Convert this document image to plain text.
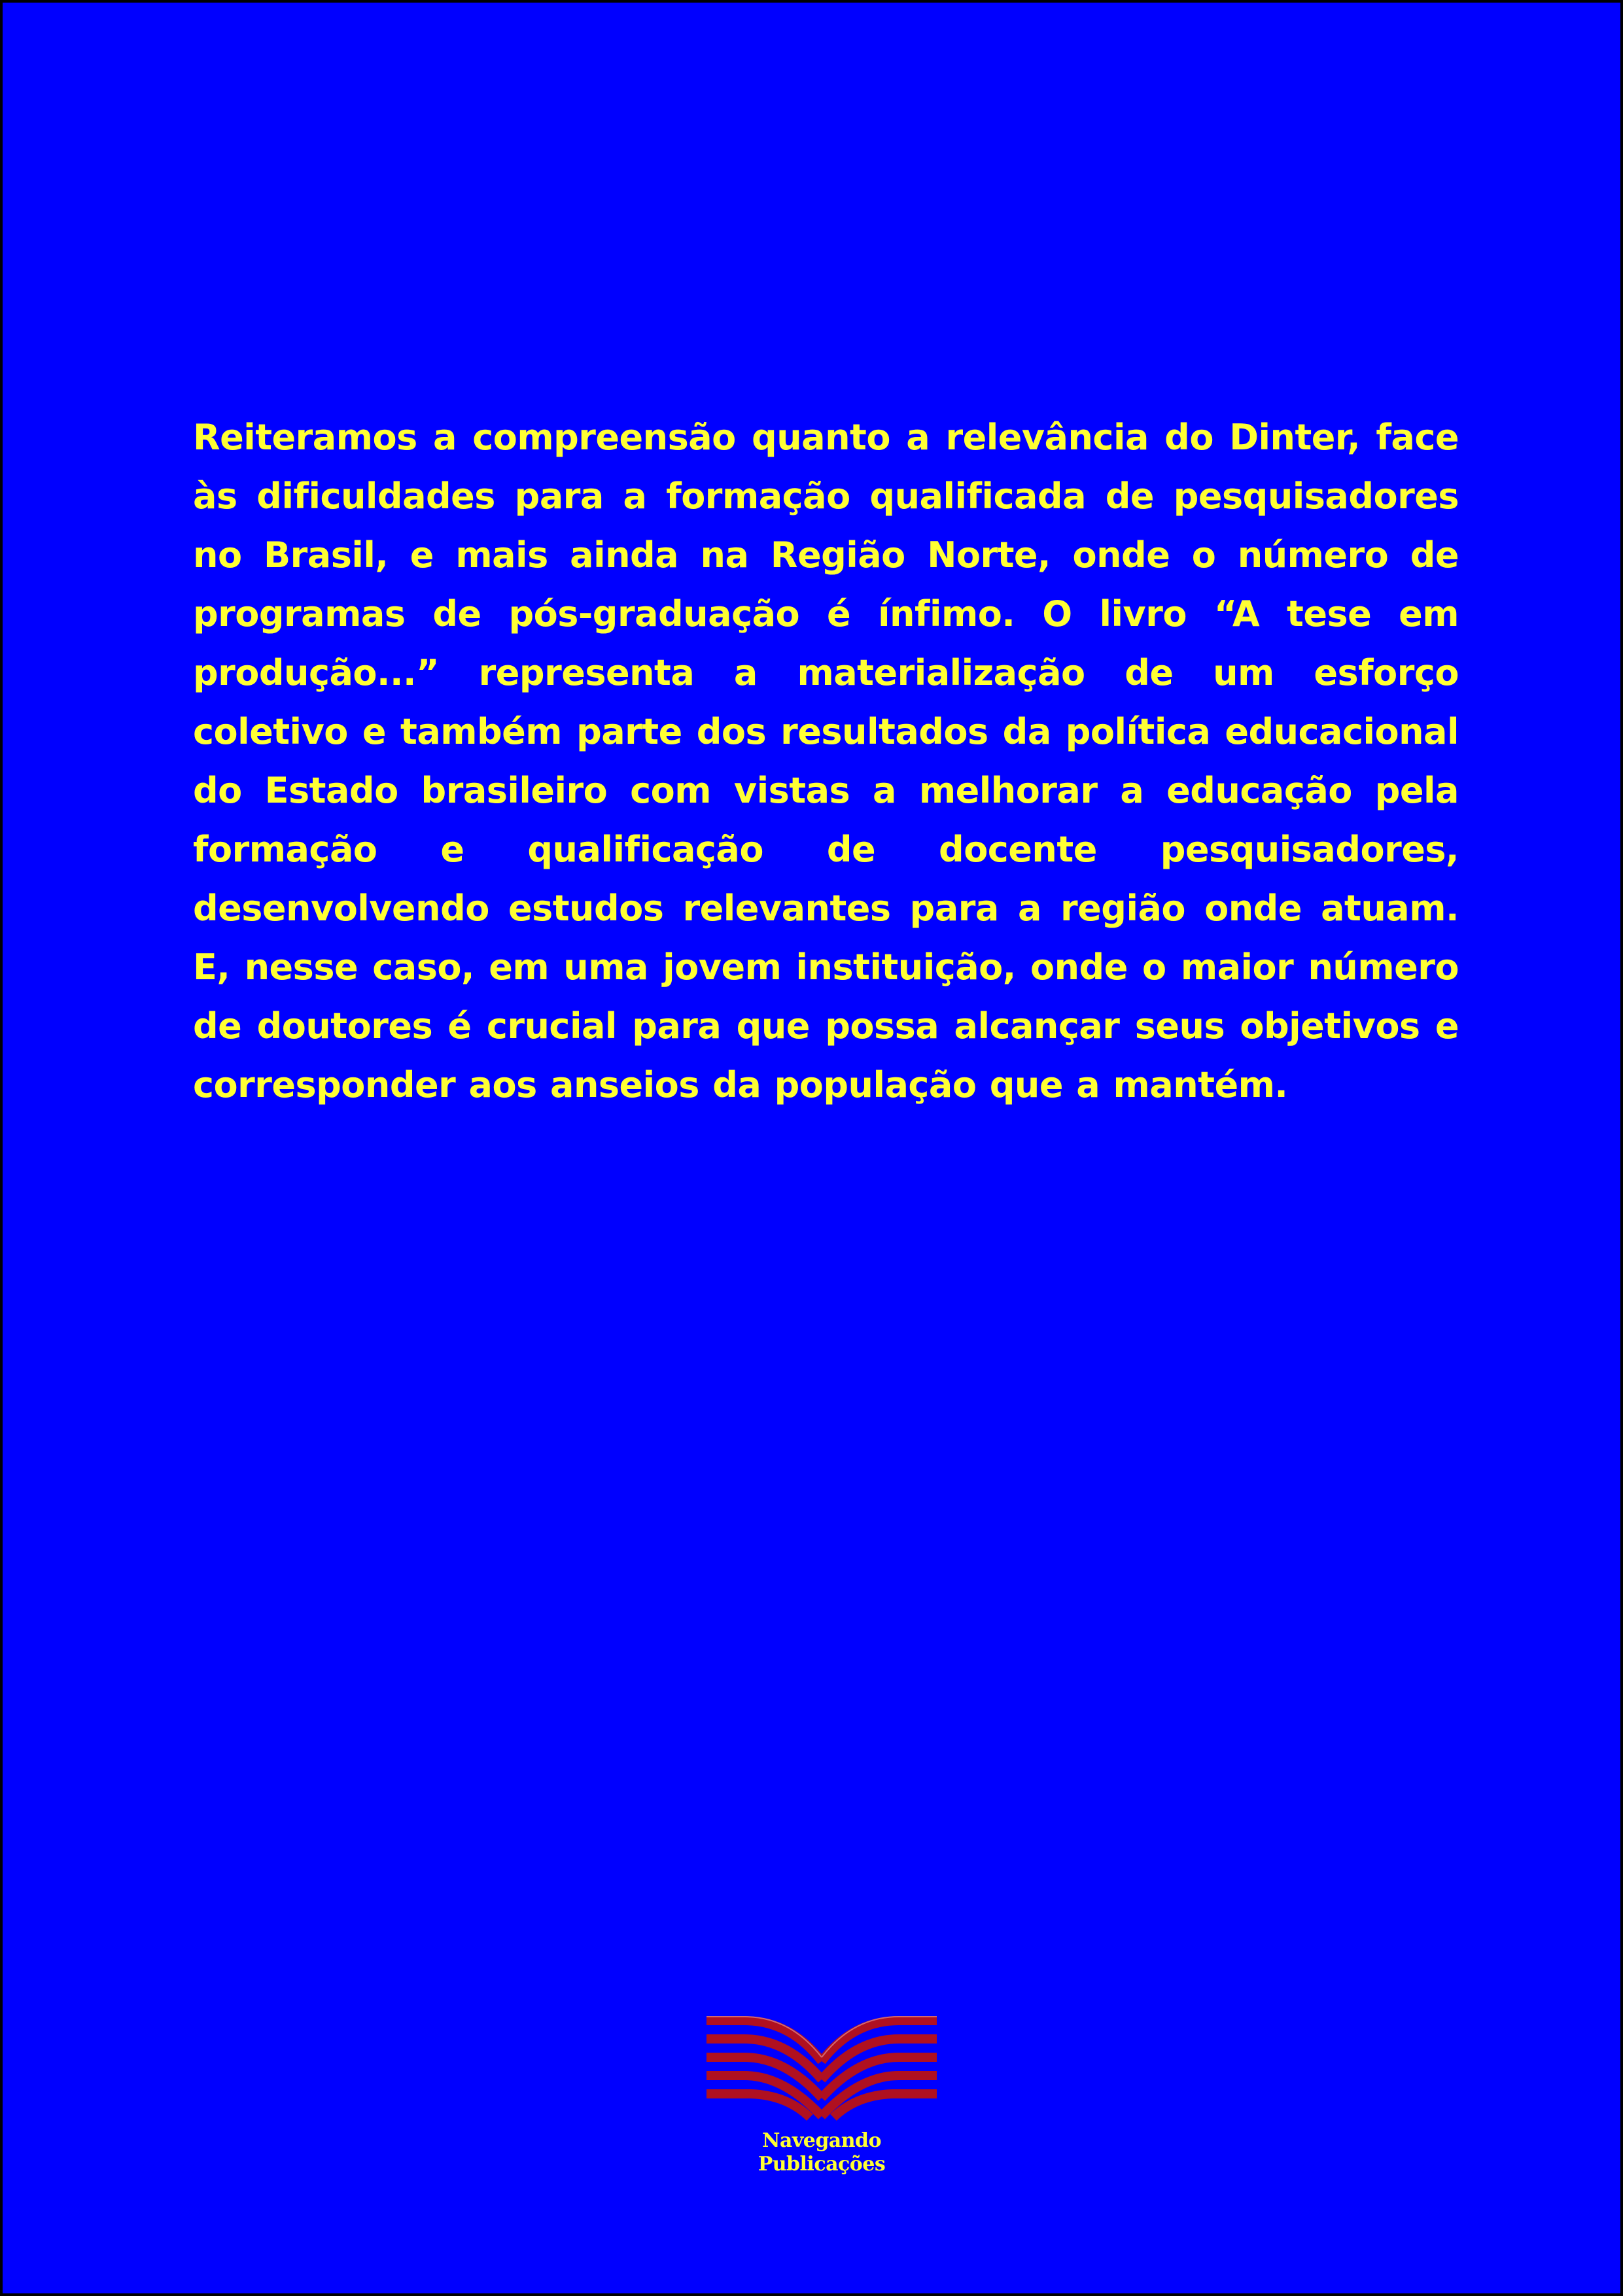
Reiteramos a compreensão quanto a relevância do Dinter, face às dificuldades para a formação qualificada de pesquisadores no Brasil, e mais ainda na Região Norte, onde o número de programas de pós-graduação é ínfimo. O livro “A tese em produção...” representa a materialização de um esforço coletivo e também parte dos resultados da política educacional do Estado brasileiro com vistas a melhorar a educação pela formação e qualificação de docente pesquisadores, desenvolvendo estudos relevantes para a região onde atuam. E, nesse caso, em uma jovem instituição, onde o maior número de doutores é crucial para que possa alcançar seus objetivos e corresponder aos anseios da população que a mantém.

Navegando Publicações
